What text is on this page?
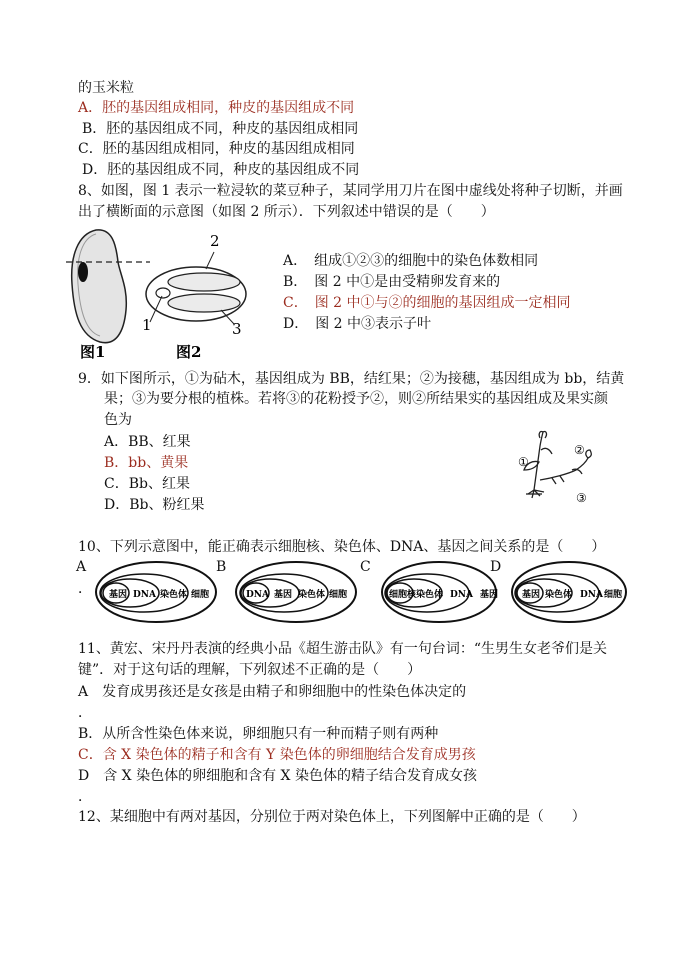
的玉米粒
A．胚的基因组成相同，种皮的基因组成不同
B．胚的基因组成不同，种皮的基因组成相同
C．胚的基因组成相同，种皮的基因组成相同
D．胚的基因组成不同，种皮的基因组成不同
8、如图，图 1 表示一粒浸软的菜豆种子，某同学用刀片在图中虚线处将种子切断，并画
出了横断面的示意图（如图 2 所示）．下列叙述中错误的是（　　）
2
1	3
图1	图2
A．　组成①②③的细胞中的染色体数相同
B．　图 2 中①是由受精卵发育来的
C．　图 2 中①与②的细胞的基因组成一定相同
D．　图 2 中③表示子叶
9．如下图所示，①为砧木，基因组成为 BB，结红果；②为接穗，基因组成为 bb，结黄
果；③为要分根的植株。若将③的花粉授予②，则②所结果实的基因组成及果实颜
色为
A．BB、红果
B．bb、黄果
C．Bb、红果
D．Bb、粉红果
①
②
③
10、下列示意图中，能正确表示细胞核、染色体、DNA、基因之间关系的是（　　）
A
． 基因 DNA 染色体 细胞
B
DNA 基因 染色体 细胞
C
细胞核 染色体 DNA 基因
D
基因 染色体 DNA 细胞
11、黄宏、宋丹丹表演的经典小品《超生游击队》有一句台词：“生男生女老爷们是关
键”．对于这句话的理解，下列叙述不正确的是（　　）
A　发育成男孩还是女孩是由精子和卵细胞中的性染色体决定的
．
B．从所含性染色体来说，卵细胞只有一种而精子则有两种
C．含 X 染色体的精子和含有 Y 染色体的卵细胞结合发育成男孩
D　含 X 染色体的卵细胞和含有 X 染色体的精子结合发育成女孩
．
12、某细胞中有两对基因，分别位于两对染色体上，下列图解中正确的是（　　）
